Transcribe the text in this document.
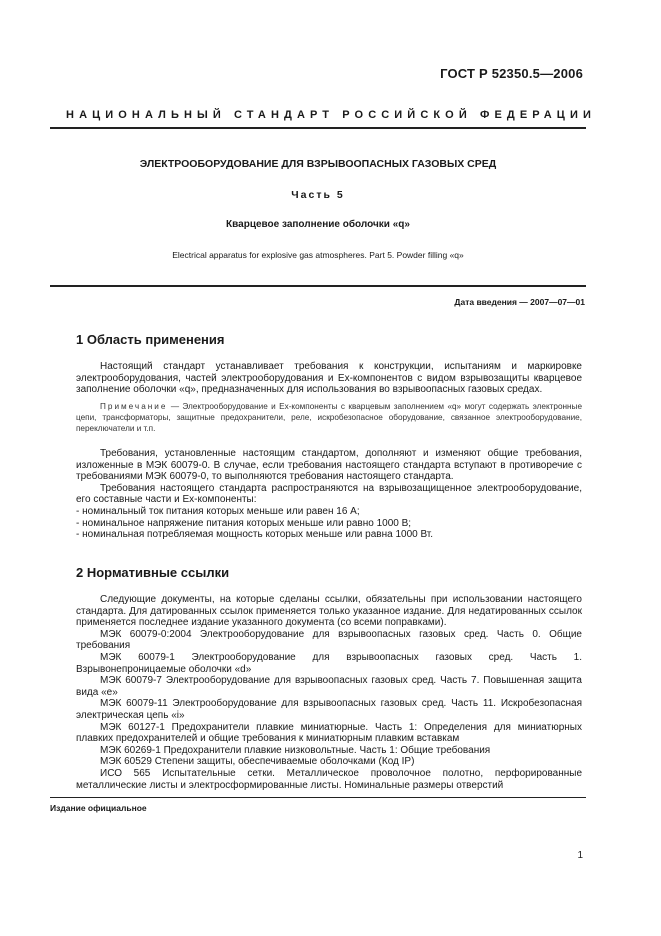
ГОСТ Р 52350.5—2006
НАЦИОНАЛЬНЫЙ СТАНДАРТ РОССИЙСКОЙ ФЕДЕРАЦИИ
ЭЛЕКТРООБОРУДОВАНИЕ ДЛЯ ВЗРЫВООПАСНЫХ ГАЗОВЫХ СРЕД
Часть 5
Кварцевое заполнение оболочки «q»
Electrical apparatus for explosive gas atmospheres. Part 5. Powder filling «q»
Дата введения — 2007—07—01
1 Область применения

Настоящий стандарт устанавливает требования к конструкции, испытаниям и маркировке электрооборудования, частей электрооборудования и Ex-компонентов с видом взрывозащиты кварцевое заполнение оболочки «q», предназначенных для использования во взрывоопасных газовых средах.

Примечание — Электрооборудование и Ex-компоненты с кварцевым заполнением «q» могут содержать электронные цепи, трансформаторы, защитные предохранители, реле, искробезопасное оборудование, связанное электрооборудование, переключатели и т.п.

Требования, установленные настоящим стандартом, дополняют и изменяют общие требования, изложенные в МЭК 60079-0. В случае, если требования настоящего стандарта вступают в противоречие с требованиями МЭК 60079-0, то выполняются требования настоящего стандарта.

Требования настоящего стандарта распространяются на взрывозащищенное электрооборудование, его составные части и Ex-компоненты:

- номинальный ток питания которых меньше или равен 16 А;
- номинальное напряжение питания которых меньше или равно 1000 В;
- номинальная потребляемая мощность которых меньше или равна 1000 Вт.
2 Нормативные ссылки

Следующие документы, на которые сделаны ссылки, обязательны при использовании настоящего стандарта. Для датированных ссылок применяется только указанное издание. Для недатированных ссылок применяется последнее издание указанного документа (со всеми поправками).

МЭК 60079-0:2004 Электрооборудование для взрывоопасных газовых сред. Часть 0. Общие требования

МЭК 60079-1 Электрооборудование для взрывоопасных газовых сред. Часть 1. Взрывонепроницаемые оболочки «d»

МЭК 60079-7 Электрооборудование для взрывоопасных газовых сред. Часть 7. Повышенная защита вида «е»

МЭК 60079-11 Электрооборудование для взрывоопасных газовых сред. Часть 11. Искробезопасная электрическая цепь «i»

МЭК 60127-1 Предохранители плавкие миниатюрные. Часть 1: Определения для миниатюрных плавких предохранителей и общие требования к миниатюрным плавким вставкам

МЭК 60269-1 Предохранители плавкие низковольтные. Часть 1: Общие требования

МЭК 60529 Степени защиты, обеспечиваемые оболочками (Код IP)

ИСО 565 Испытательные сетки. Металлическое проволочное полотно, перфорированные металлические листы и электросформированные листы. Номинальные размеры отверстий

Издание официальное
1
